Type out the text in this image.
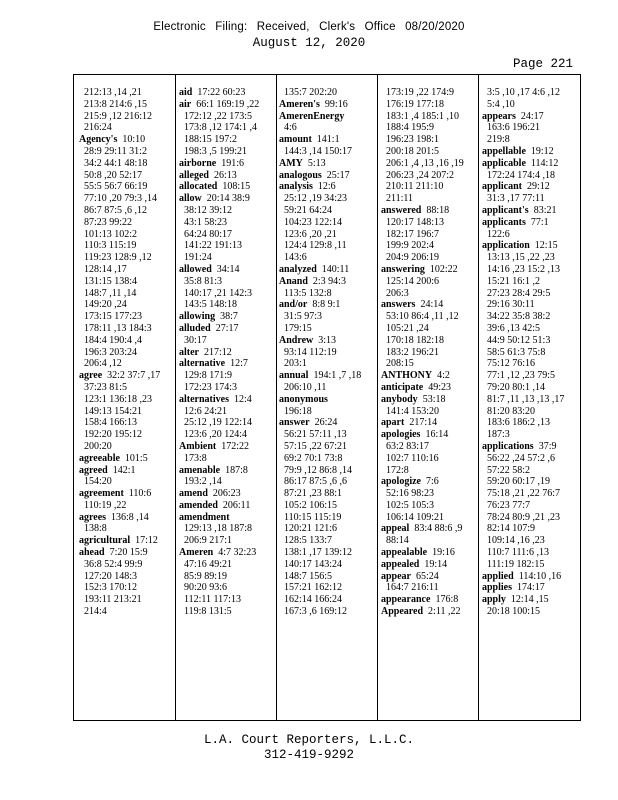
Electronic Filing: Received, Clerk's Office 08/20/2020
August 12, 2020
Page 221
212:13 ,14 ,21
213:8 214:6 ,15
215:9 ,12 216:12
216:24
Agency's  10:10
28:9 29:11 31:2
34:2 44:1 48:18
50:8 ,20 52:17
55:5 56:7 66:19
77:10 ,20 79:3 ,14
86:7 87:5 ,6 ,12
87:23 99:22
101:13 102:2
110:3 115:19
119:23 128:9 ,12
128:14 ,17
131:15 138:4
148:7 ,11 ,14
149:20 ,24
173:15 177:23
178:11 ,13 184:3
184:4 190:4 ,4
196:3 203:24
206:4 ,12
agree  32:2 37:7 ,17
37:23 81:5
123:1 136:18 ,23
149:13 154:21
158:4 166:13
192:20 195:12
200:20
agreeable  101:5
agreed  142:1
154:20
agreement  110:6
110:19 ,22
agrees  136:8 ,14
138:8
agricultural  17:12
ahead  7:20 15:9
36:8 52:4 99:9
127:20 148:3
152:3 170:12
193:11 213:21
214:4
aid  17:22 60:23
air  66:1 169:19 ,22
172:12 ,22 173:5
173:8 ,12 174:1 ,4
188:15 197:2
198:3 ,5 199:21
airborne  191:6
alleged  26:13
allocated  108:15
allow  20:14 38:9
38:12 39:12
43:1 58:23
64:24 80:17
141:22 191:13
191:24
allowed  34:14
35:8 81:3
140:17 ,21 142:3
143:5 148:18
allowing  38:7
alluded  27:17
30:17
alter  217:12
alternative  12:7
129:8 171:9
172:23 174:3
alternatives  12:4
12:6 24:21
25:12 ,19 122:14
123:6 ,20 124:4
Ambient  172:22
173:8
amenable  187:8
193:2 ,14
amend  206:23
amended  206:11
amendment
129:13 ,18 187:8
206:9 217:1
Ameren  4:7 32:23
47:16 49:21
85:9 89:19
90:20 93:6
112:11 117:13
119:8 131:5
135:7 202:20
Ameren's  99:16
AmerenEnergy
4:6
amount  141:1
144:3 ,14 150:17
AMY  5:13
analogous  25:17
analysis  12:6
25:12 ,19 34:23
59:21 64:24
104:23 122:14
123:6 ,20 ,21
124:4 129:8 ,11
143:6
analyzed  140:11
Anand  2:3 94:3
113:5 132:8
and/or  8:8 9:1
31:5 97:3
179:15
Andrew  3:13
93:14 112:19
203:1
annual  194:1 ,7 ,18
206:10 ,11
anonymous
196:18
answer  26:24
56:21 57:11 ,13
57:15 ,22 67:21
69:2 70:1 73:8
79:9 ,12 86:8 ,14
86:17 87:5 ,6 ,6
87:21 ,23 88:1
105:2 106:15
110:15 115:19
120:21 121:6
128:5 133:7
138:1 ,17 139:12
140:17 143:24
148:7 156:5
157:21 162:12
162:14 166:24
167:3 ,6 169:12
173:19 ,22 174:9
176:19 177:18
183:1 ,4 185:1 ,10
188:4 195:9
196:23 198:1
200:18 201:5
206:1 ,4 ,13 ,16 ,19
206:23 ,24 207:2
210:11 211:10
211:11
answered  88:18
120:17 148:13
182:17 196:7
199:9 202:4
204:9 206:19
answering  102:22
125:14 200:6
206:3
answers  24:14
53:10 86:4 ,11 ,12
105:21 ,24
170:18 182:18
183:2 196:21
208:15
ANTHONY  4:2
anticipate  49:23
anybody  53:18
141:4 153:20
apart  217:14
apologies  16:14
63:2 83:17
102:7 110:16
172:8
apologize  7:6
52:16 98:23
102:5 105:3
106:14 109:21
appeal  83:4 88:6 ,9
88:14
appealable  19:16
appealed  19:14
appear  65:24
164:7 216:11
appearance  176:8
Appeared  2:11 ,22
3:5 ,10 ,17 4:6 ,12
5:4 ,10
appears  24:17
163:6 196:21
219:8
appellable  19:12
applicable  114:12
172:24 174:4 ,18
applicant  29:12
31:3 ,17 77:11
applicant's  83:21
applicants  77:1
122:6
application  12:15
13:13 ,15 ,22 ,23
14:16 ,23 15:2 ,13
15:21 16:1 ,2
27:23 28:4 29:5
29:16 30:11
34:22 35:8 38:2
39:6 ,13 42:5
44:9 50:12 51:3
58:5 61:3 75:8
75:12 76:16
77:1 ,12 ,23 79:5
79:20 80:1 ,14
81:7 ,11 ,13 ,13 ,17
81:20 83:20
183:6 186:2 ,13
187:3
applications  37:9
56:22 ,24 57:2 ,6
57:22 58:2
59:20 60:17 ,19
75:18 ,21 ,22 76:7
76:23 77:7
78:24 80:9 ,21 ,23
82:14 107:9
109:14 ,16 ,23
110:7 111:6 ,13
111:19 182:15
applied  114:10 ,16
applies  174:17
apply  12:14 ,15
20:18 100:15
L.A. Court Reporters, L.L.C.
312-419-9292
